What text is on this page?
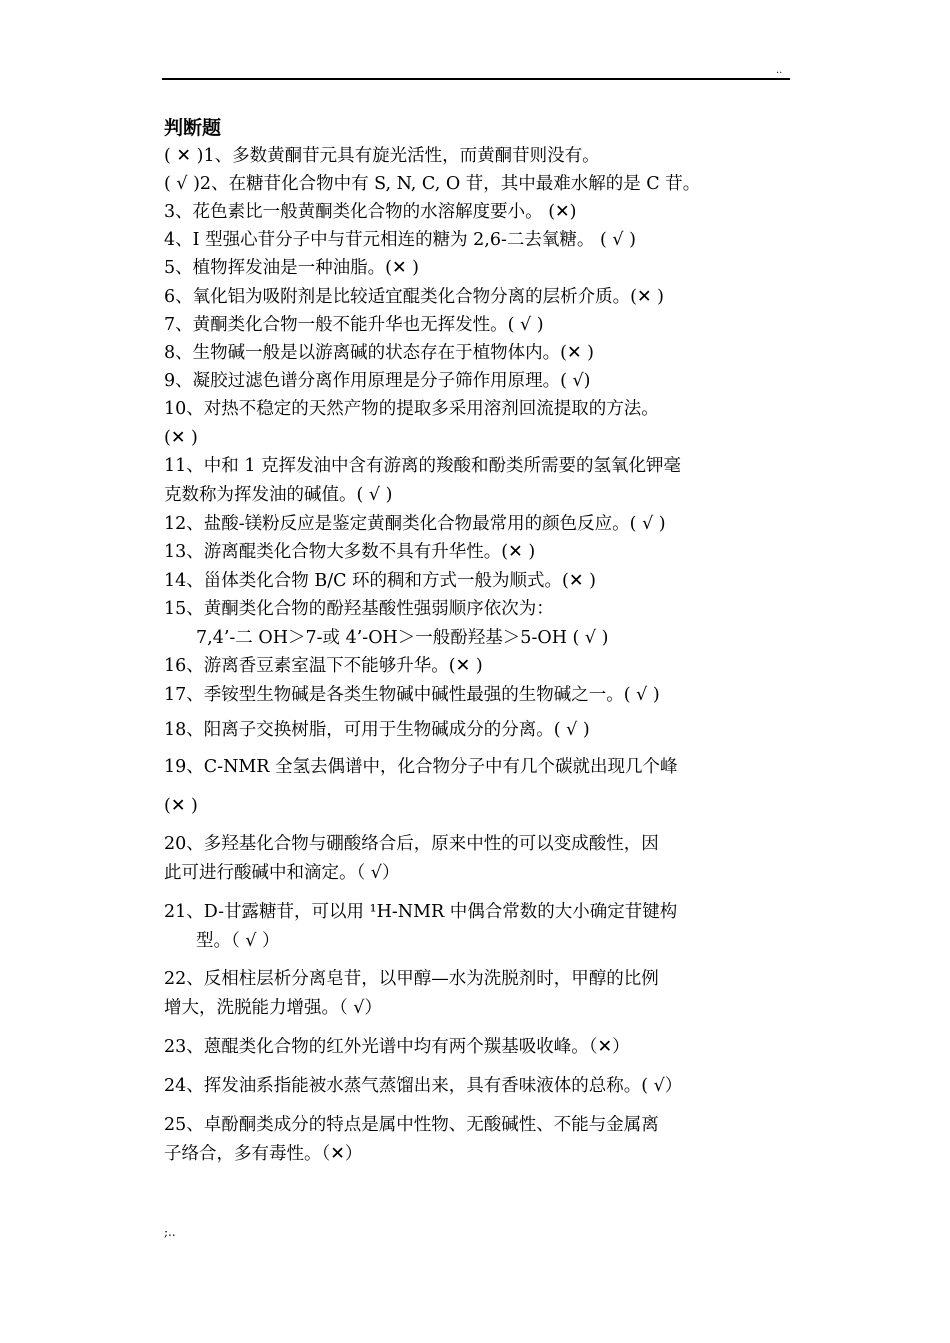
..
判断题
( ✕ )1、多数黄酮苷元具有旋光活性，而黄酮苷则没有。
( √ )2、在糖苷化合物中有 S, N, C, O 苷，其中最难水解的是 C 苷。
3、花色素比一般黄酮类化合物的水溶解度要小。 (✕)
4、I 型强心苷分子中与苷元相连的糖为 2,6-二去氧糖。 ( √ )
5、植物挥发油是一种油脂。(✕ )
6、氧化铝为吸附剂是比较适宜醌类化合物分离的层析介质。(✕ )
7、黄酮类化合物一般不能升华也无挥发性。( √ )
8、生物碱一般是以游离碱的状态存在于植物体内。(✕ )
9、凝胶过滤色谱分离作用原理是分子筛作用原理。( √)
10、对热不稳定的天然产物的提取多采用溶剂回流提取的方法。
(✕ )
11、中和 1 克挥发油中含有游离的羧酸和酚类所需要的氢氧化钾毫
克数称为挥发油的碱值。( √ )
12、盐酸-镁粉反应是鉴定黄酮类化合物最常用的颜色反应。( √ )
13、游离醌类化合物大多数不具有升华性。(✕ )
14、甾体类化合物 B/C 环的稠和方式一般为顺式。(✕ )
15、黄酮类化合物的酚羟基酸性强弱顺序依次为：
7,4’-二 OH＞7-或 4’-OH＞一般酚羟基＞5-OH ( √ )
16、游离香豆素室温下不能够升华。(✕ )
17、季铵型生物碱是各类生物碱中碱性最强的生物碱之一。( √ )
18、阳离子交换树脂，可用于生物碱成分的分离。( √ )
19、C-NMR 全氢去偶谱中，化合物分子中有几个碳就出现几个峰
(✕ )
20、多羟基化合物与硼酸络合后，原来中性的可以变成酸性，因
此可进行酸碱中和滴定。（ √）
21、D-甘露糖苷，可以用 ¹H-NMR 中偶合常数的大小确定苷键构
型。（ √ ）
22、反相柱层析分离皂苷，以甲醇—水为洗脱剂时，甲醇的比例
增大，洗脱能力增强。（ √）
23、蒽醌类化合物的红外光谱中均有两个羰基吸收峰。（✕）
24、挥发油系指能被水蒸气蒸馏出来，具有香味液体的总称。( √）
25、卓酚酮类成分的特点是属中性物、无酸碱性、不能与金属离
子络合，多有毒性。（✕）
;..
